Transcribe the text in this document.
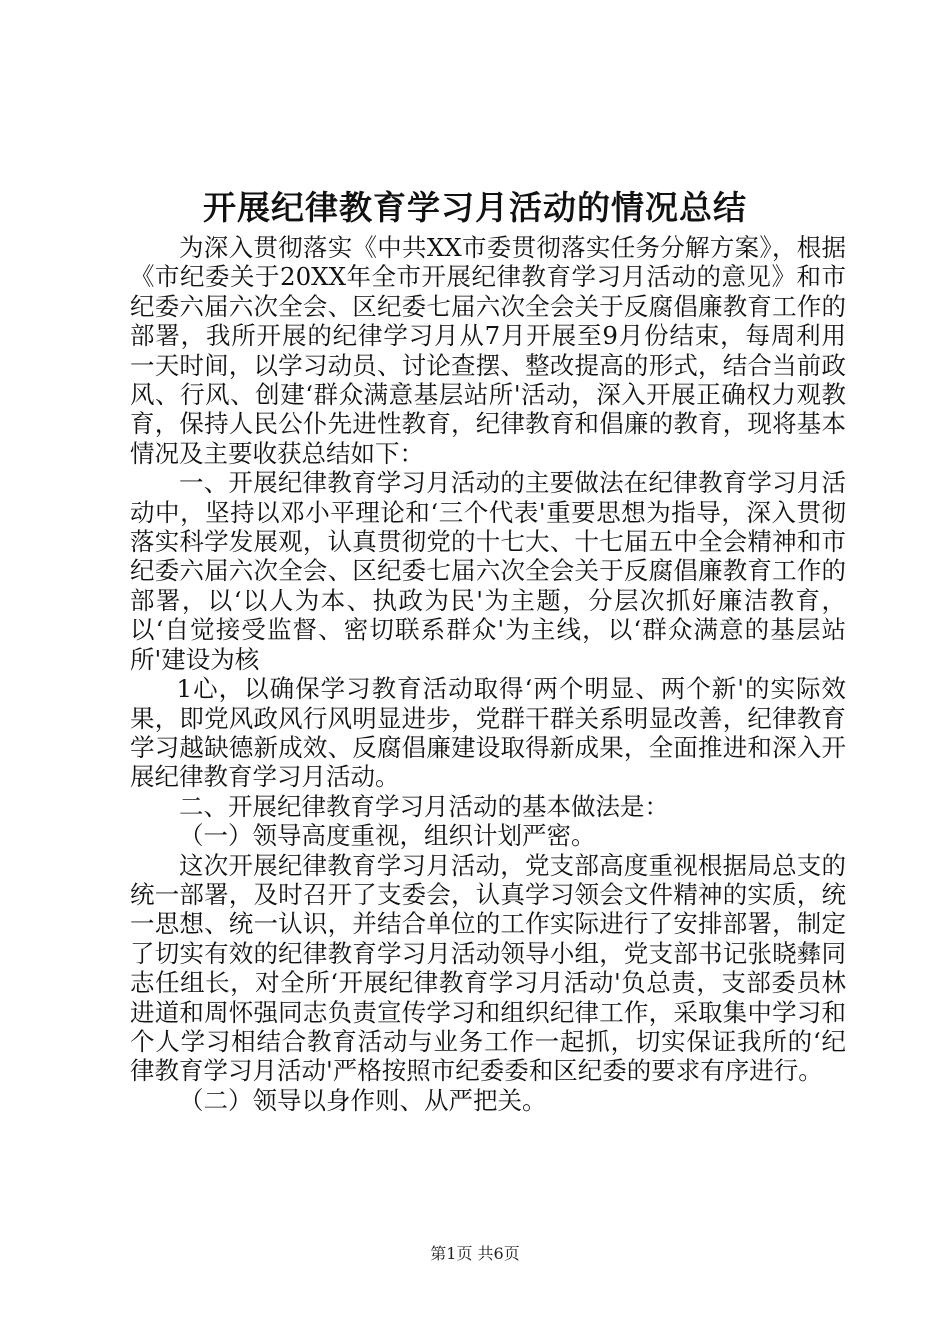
开展纪律教育学习月活动的情况总结

为深入贯彻落实《中共XX市委贯彻落实任务分解方案》，根据《市纪委关于20XX年全市开展纪律教育学习月活动的意见》和市纪委六届六次全会、区纪委七届六次全会关于反腐倡廉教育工作的部署，我所开展的纪律学习月从7月开展至9月份结束，每周利用一天时间，以学习动员、讨论查摆、整改提高的形式，结合当前政风、行风、创建‘群众满意基层站所'活动，深入开展正确权力观教育，保持人民公仆先进性教育，纪律教育和倡廉的教育，现将基本情况及主要收获总结如下：

一、开展纪律教育学习月活动的主要做法在纪律教育学习月活动中，坚持以邓小平理论和‘三个代表'重要思想为指导，深入贯彻落实科学发展观，认真贯彻党的十七大、十七届五中全会精神和市纪委六届六次全会、区纪委七届六次全会关于反腐倡廉教育工作的部署，以‘以人为本、执政为民'为主题，分层次抓好廉洁教育，以‘自觉接受监督、密切联系群众'为主线，以‘群众满意的基层站所'建设为核

1心，以确保学习教育活动取得‘两个明显、两个新'的实际效果，即党风政风行风明显进步，党群干群关系明显改善，纪律教育学习越缺德新成效、反腐倡廉建设取得新成果，全面推进和深入开展纪律教育学习月活动。

二、开展纪律教育学习月活动的基本做法是：

（一）领导高度重视，组织计划严密。

这次开展纪律教育学习月活动，党支部高度重视根据局总支的统一部署，及时召开了支委会，认真学习领会文件精神的实质，统一思想、统一认识，并结合单位的工作实际进行了安排部署，制定了切实有效的纪律教育学习月活动领导小组，党支部书记张晓彝同志任组长，对全所‘开展纪律教育学习月活动'负总责，支部委员林进道和周怀强同志负责宣传学习和组织纪律工作，采取集中学习和个人学习相结合教育活动与业务工作一起抓，切实保证我所的‘纪律教育学习月活动'严格按照市纪委委和区纪委的要求有序进行。

（二）领导以身作则、从严把关。

第1页 共6页
